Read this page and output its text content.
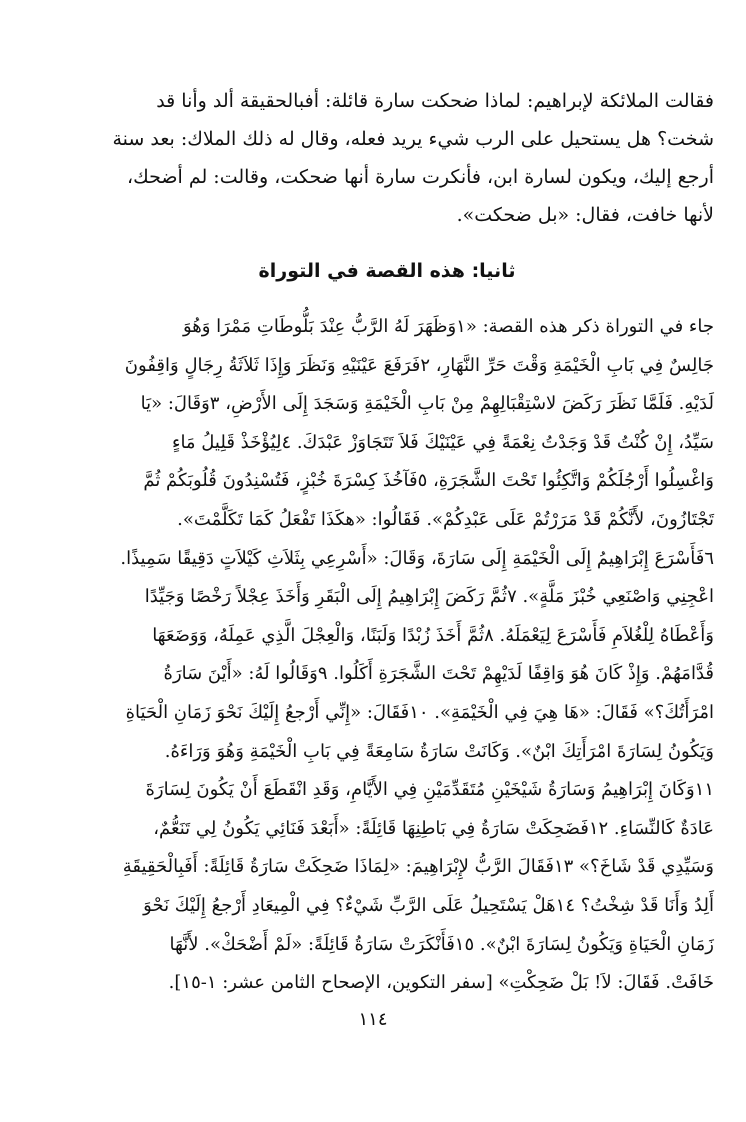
فقالت الملائكة لإبراهيم: لماذا ضحكت سارة قائلة: أفبالحقيقة ألد وأنا قد
شخت؟ هل يستحيل على الرب شيء يريد فعله، وقال له ذلك الملاك: بعد سنة
أرجع إليك، ويكون لسارة ابن، فأنكرت سارة أنها ضحكت، وقالت: لم أضحك،
لأنها خافت، فقال: «بل ضحكت».
ثانيا: هذه القصة في التوراة
جاء في التوراة ذكر هذه القصة: «١وَظَهَرَ لَهُ الرَّبُّ عِنْدَ بَلُّوطَاتِ مَمْرَا وَهُوَ
جَالِسٌ فِي بَابِ الْخَيْمَةِ وَقْتَ حَرِّ النَّهَارِ، ٢فَرَفَعَ عَيْنَيْهِ وَنَظَرَ وَإِذَا ثَلاَثَةُ رِجَالٍ وَاقِفُونَ
لَدَيْهِ. فَلَمَّا نَظَرَ رَكَضَ لاسْتِقْبَالِهِمْ مِنْ بَابِ الْخَيْمَةِ وَسَجَدَ إِلَى الأَرْضِ، ٣وَقَالَ: «يَا
سَيِّدُ، إِنْ كُنْتُ قَدْ وَجَدْتُ نِعْمَةً فِي عَيْنَيْكَ فَلاَ تَتَجَاوَزْ عَبْدَكَ. ٤لِيُؤْخَذْ قَلِيلُ مَاءٍ
وَاغْسِلُوا أَرْجُلَكُمْ وَاتَّكِئُوا تَحْتَ الشَّجَرَةِ، ٥فَآخُذَ كِسْرَةَ خُبْزٍ، فَتُسْنِدُونَ قُلُوبَكُمْ ثُمَّ
تَجْتَازُونَ، لأَنَّكُمْ قَدْ مَرَرْتُمْ عَلَى عَبْدِكُمْ». فَقَالُوا: «هكَذَا تَفْعَلُ كَمَا تَكَلَّمْتَ».
٦فَأَسْرَعَ إِبْرَاهِيمُ إِلَى الْخَيْمَةِ إِلَى سَارَةَ، وَقَالَ: «أَسْرِعِي بِثَلاَثِ كَيْلاَتٍ دَقِيقًا سَمِيذًا.
اعْجِنِي وَاصْنَعِي خُبْزَ مَلَّةٍ». ٧ثُمَّ رَكَضَ إِبْرَاهِيمُ إِلَى الْبَقَرِ وَأَخَذَ عِجْلاً رَخْصًا وَجَيِّدًا
وَأَعْطَاهُ لِلْغُلاَمِ فَأَسْرَعَ لِيَعْمَلَهُ. ٨ثُمَّ أَخَذَ زُبْدًا وَلَبَنًا، وَالْعِجْلَ الَّذِي عَمِلَهُ، وَوَضَعَهَا
قُدَّامَهُمْ. وَإِذْ كَانَ هُوَ وَاقِفًا لَدَيْهِمْ تَحْتَ الشَّجَرَةِ أَكَلُوا. ٩وَقَالُوا لَهُ: «أَيْنَ سَارَةُ
امْرَأَتُكَ؟» فَقَالَ: «هَا هِيَ فِي الْخَيْمَةِ». ١٠فَقَالَ: «إِنِّي أَرْجعُ إِلَيْكَ نَحْوَ زَمَانِ الْحَيَاةِ
وَيَكُونُ لِسَارَةَ امْرَأَتِكَ ابْنٌ». وَكَانَتْ سَارَةُ سَامِعَةً فِي بَابِ الْخَيْمَةِ وَهُوَ وَرَاءَهُ.
١١وَكَانَ إِبْرَاهِيمُ وَسَارَةُ شَيْخَيْنِ مُتَقَدِّمَيْنِ فِي الأَيَّامِ، وَقَدِ انْقَطَعَ أَنْ يَكُونَ لِسَارَةَ
عَادَةٌ كَالنِّسَاءِ. ١٢فَضَحِكَتْ سَارَةُ فِي بَاطِنِهَا قَائِلَةً: «أَبَعْدَ فَنَائِي يَكُونُ لِي تَنَعُّمٌ،
وَسَيِّدِي قَدْ شَاخَ؟» ١٣فَقَالَ الرَّبُّ لإِبْرَاهِيمَ: «لِمَاذَا ضَحِكَتْ سَارَةُ قَائِلَةً: أَفَبِالْحَقِيقَةِ
أَلِدُ وَأَنَا قَدْ شِخْتُ؟ ١٤هَلْ يَسْتَحِيلُ عَلَى الرَّبِّ شَيْءٌ؟ فِي الْمِيعَادِ أَرْجعُ إِلَيْكَ نَحْوَ
زَمَانِ الْحَيَاةِ وَيَكُونُ لِسَارَةَ ابْنٌ». ١٥فَأَنْكَرَتْ سَارَةُ قَائِلَةً: «لَمْ أَضْحَكْ». لأَنَّهَا
خَافَتْ. فَقَالَ: لاَ! بَلْ ضَحِكْتِ» [سفر التكوين، الإصحاح الثامن عشر: ١-١٥].
١١٤
